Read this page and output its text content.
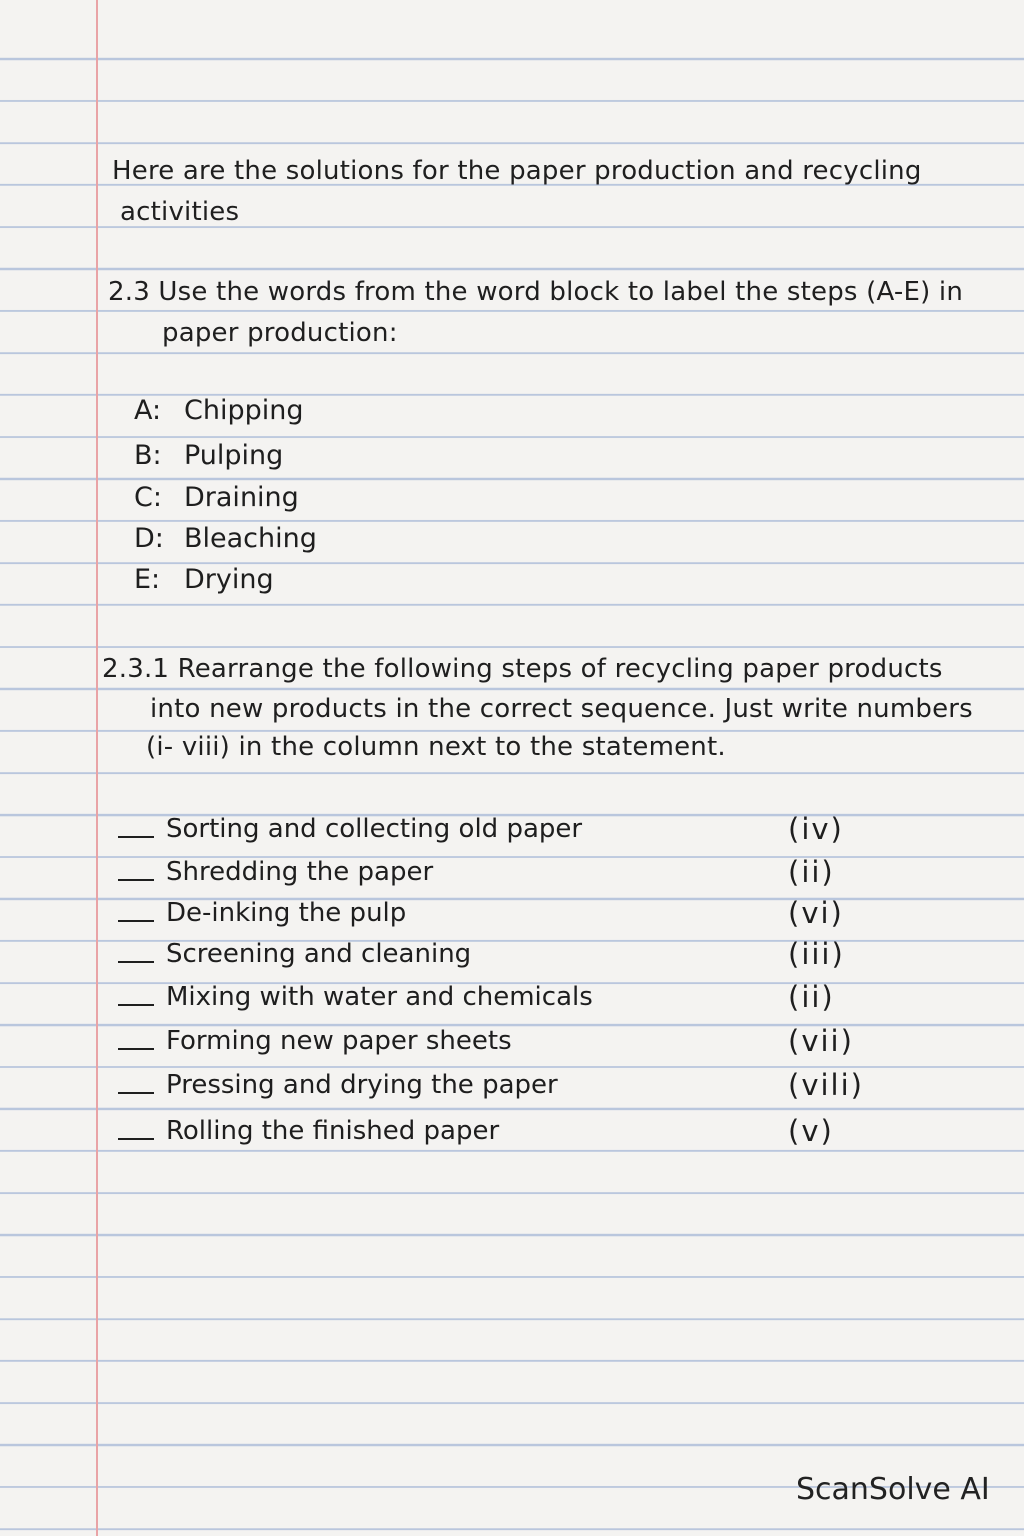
Here are the solutions for the paper production and recycling
activities
2.3 Use the words from the word block to label the steps (A-E) in
paper production:
A: Chipping
B: Pulping
C: Draining
D: Bleaching
E: Drying
2.3.1 Rearrange the following steps of recycling paper products
into new products in the correct sequence. Just write numbers
(i- viii) in the column next to the statement.
Sorting and collecting old paper	(iv)
Shredding the paper	(ii)
De-inking the pulp	(vi)
Screening and cleaning	(iii)
Mixing with water and chemicals	(ii)
Forming new paper sheets	(vii)
Pressing and drying the paper	(vili)
Rolling the finished paper	(v)
ScanSolve AI
